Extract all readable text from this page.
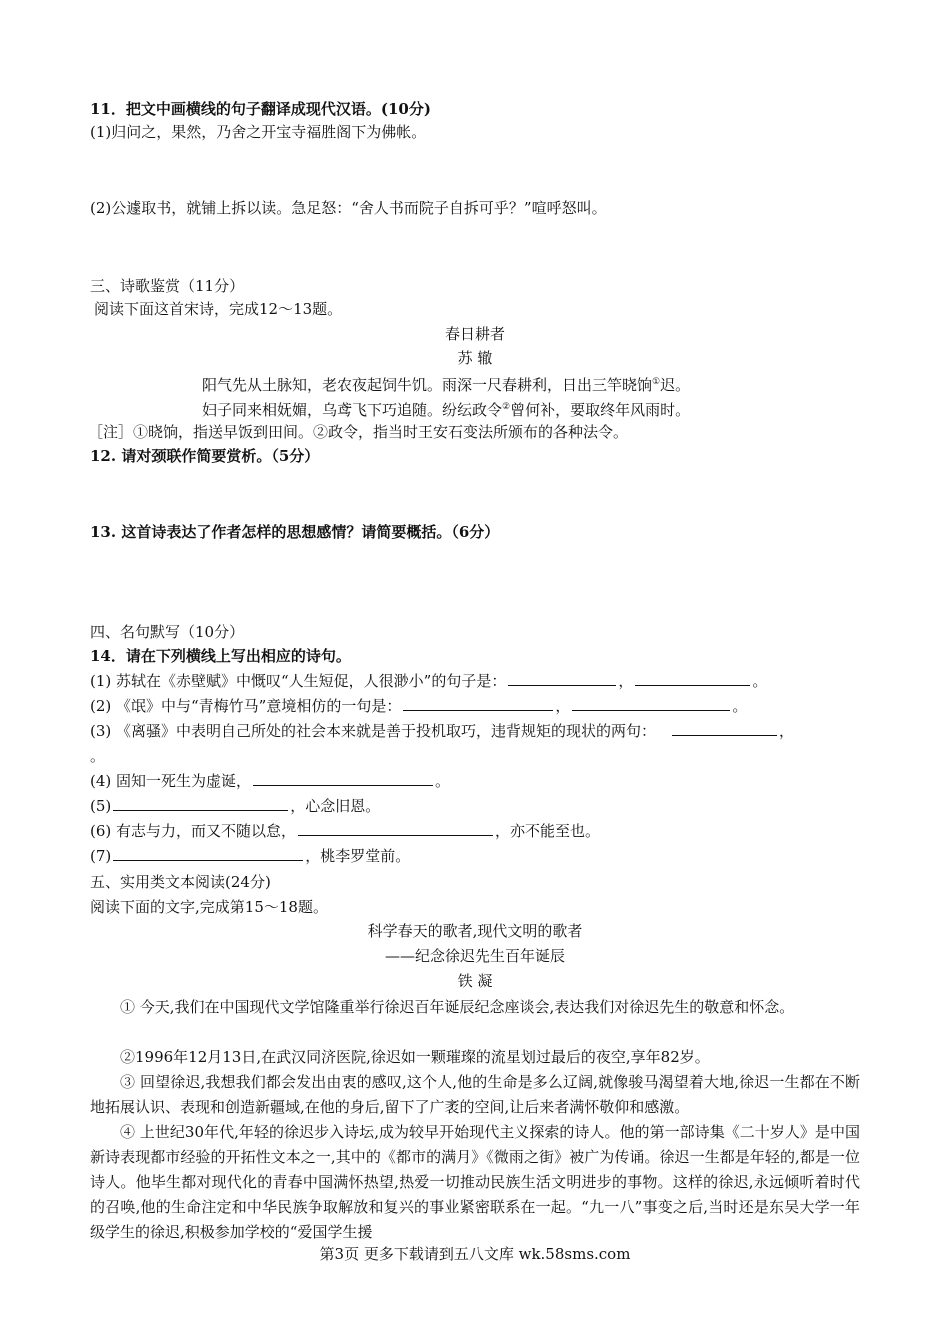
11．把文中画横线的句子翻译成现代汉语。(10分)
(1)归问之，果然，乃舍之开宝寺福胜阁下为佛帐。
(2)公遽取书，就铺上拆以读。急足怒：“舍人书而院子自拆可乎？”喧呼怒叫。
三、诗歌鉴赏（11分）
阅读下面这首宋诗，完成12～13题。
春日耕者
苏 辙
阳气先从土脉知，老农夜起饲牛饥。雨深一尺春耕利，日出三竿晓饷①迟。
妇子同来相妩媚，乌鸢飞下巧追随。纷纭政令②曾何补，要取终年风雨时。
［注］①晓饷，指送早饭到田间。②政令，指当时王安石变法所颁布的各种法令。
12. 请对颈联作简要赏析。（5分）
13. 这首诗表达了作者怎样的思想感情？请简要概括。（6分）
四、名句默写（10分）
14．请在下列横线上写出相应的诗句。
(1) 苏轼在《赤壁赋》中慨叹“人生短促，人很渺小”的句子是：	，	。
(2) 《氓》中与“青梅竹马”意境相仿的一句是：	，	。
(3) 《离骚》中表明自己所处的社会本来就是善于投机取巧，违背规矩的现状的两句：	，
。
(4) 固知一死生为虚诞，	。
(5)	，心念旧恩。
(6) 有志与力，而又不随以怠，	，亦不能至也。
(7)	，桃李罗堂前。
五、实用类文本阅读(24分)
阅读下面的文字,完成第15～18题。
科学春天的歌者,现代文明的歌者
——纪念徐迟先生百年诞辰
铁 凝
① 今天,我们在中国现代文学馆隆重举行徐迟百年诞辰纪念座谈会,表达我们对徐迟先生的敬意和怀念。
②1996年12月13日,在武汉同济医院,徐迟如一颗璀璨的流星划过最后的夜空,享年82岁。
③ 回望徐迟,我想我们都会发出由衷的感叹,这个人,他的生命是多么辽阔,就像骏马渴望着大地,徐迟一生都在不断地拓展认识、表现和创造新疆域,在他的身后,留下了广袤的空间,让后来者满怀敬仰和感激。
④ 上世纪30年代,年轻的徐迟步入诗坛,成为较早开始现代主义探索的诗人。他的第一部诗集《二十岁人》是中国新诗表现都市经验的开拓性文本之一,其中的《都市的满月》《微雨之街》被广为传诵。徐迟一生都是年轻的,都是一位诗人。他毕生都对现代化的青春中国满怀热望,热爱一切推动民族生活文明进步的事物。这样的徐迟,永远倾听着时代的召唤,他的生命注定和中华民族争取解放和复兴的事业紧密联系在一起。“九一八”事变之后,当时还是东吴大学一年级学生的徐迟,积极参加学校的“爱国学生援
第3页 更多下载请到五八文库 wk.58sms.com
